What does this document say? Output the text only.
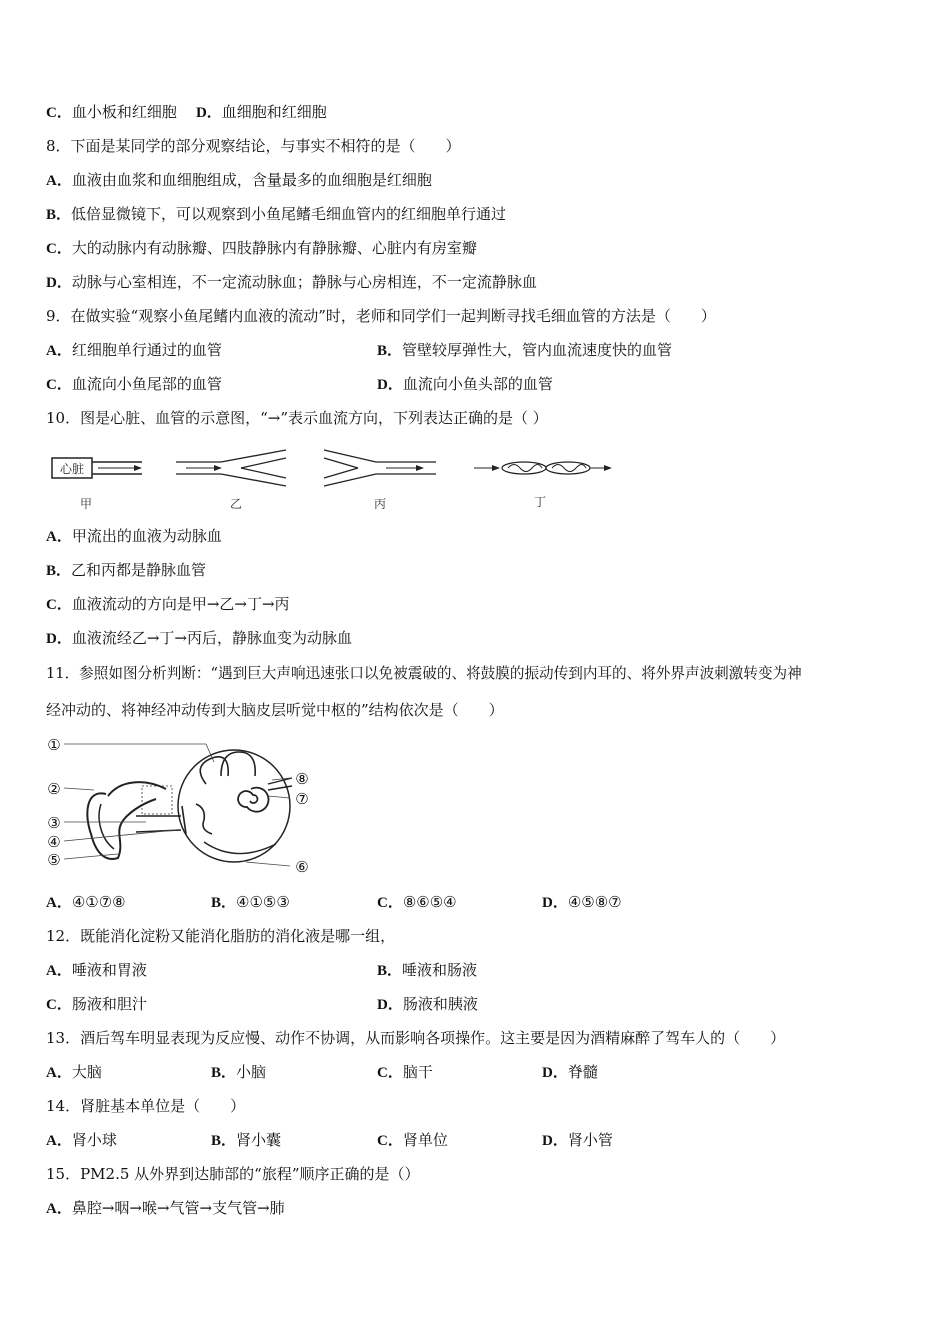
C．血小板和红细胞 D．血细胞和红细胞
8．下面是某同学的部分观察结论，与事实不相符的是（　　）
A．血液由血浆和血细胞组成，含量最多的血细胞是红细胞
B．低倍显微镜下，可以观察到小鱼尾鳍毛细血管内的红细胞单行通过
C．大的动脉内有动脉瓣、四肢静脉内有静脉瓣、心脏内有房室瓣
D．动脉与心室相连，不一定流动脉血；静脉与心房相连，不一定流静脉血
9．在做实验“观察小鱼尾鳍内血液的流动”时，老师和同学们一起判断寻找毛细血管的方法是（　　）
A．红细胞单行通过的血管	B．管壁较厚弹性大，管内血流速度快的血管
C．血流向小鱼尾部的血管	D．血流向小鱼头部的血管
10．图是心脏、血管的示意图，“→”表示血流方向，下列表达正确的是（ ）
心脏
甲	乙	丙	丁
A．甲流出的血液为动脉血
B．乙和丙都是静脉血管
C．血液流动的方向是甲→乙→丁→丙
D．血液流经乙→丁→丙后，静脉血变为动脉血
11．参照如图分析判断：“遇到巨大声响迅速张口以免被震破的、将鼓膜的振动传到内耳的、将外界声波刺激转变为神
经冲动的、将神经冲动传到大脑皮层听觉中枢的”结构依次是（　　）
①
②
③
④
⑤	⑥
⑦
⑧
A．④①⑦⑧	B．④①⑤③	C．⑧⑥⑤④	D．④⑤⑧⑦
12．既能消化淀粉又能消化脂肪的消化液是哪一组，
A．唾液和胃液	B．唾液和肠液
C．肠液和胆汁	D．肠液和胰液
13．酒后驾车明显表现为反应慢、动作不协调，从而影响各项操作。这主要是因为酒精麻醉了驾车人的（　　）
A．大脑	B．小脑	C．脑干	D．脊髓
14．肾脏基本单位是（　　）
A．肾小球	B．肾小囊	C．肾单位	D．肾小管
15．PM2.5 从外界到达肺部的“旅程”顺序正确的是（）
A．鼻腔→咽→喉→气管→支气管→肺
